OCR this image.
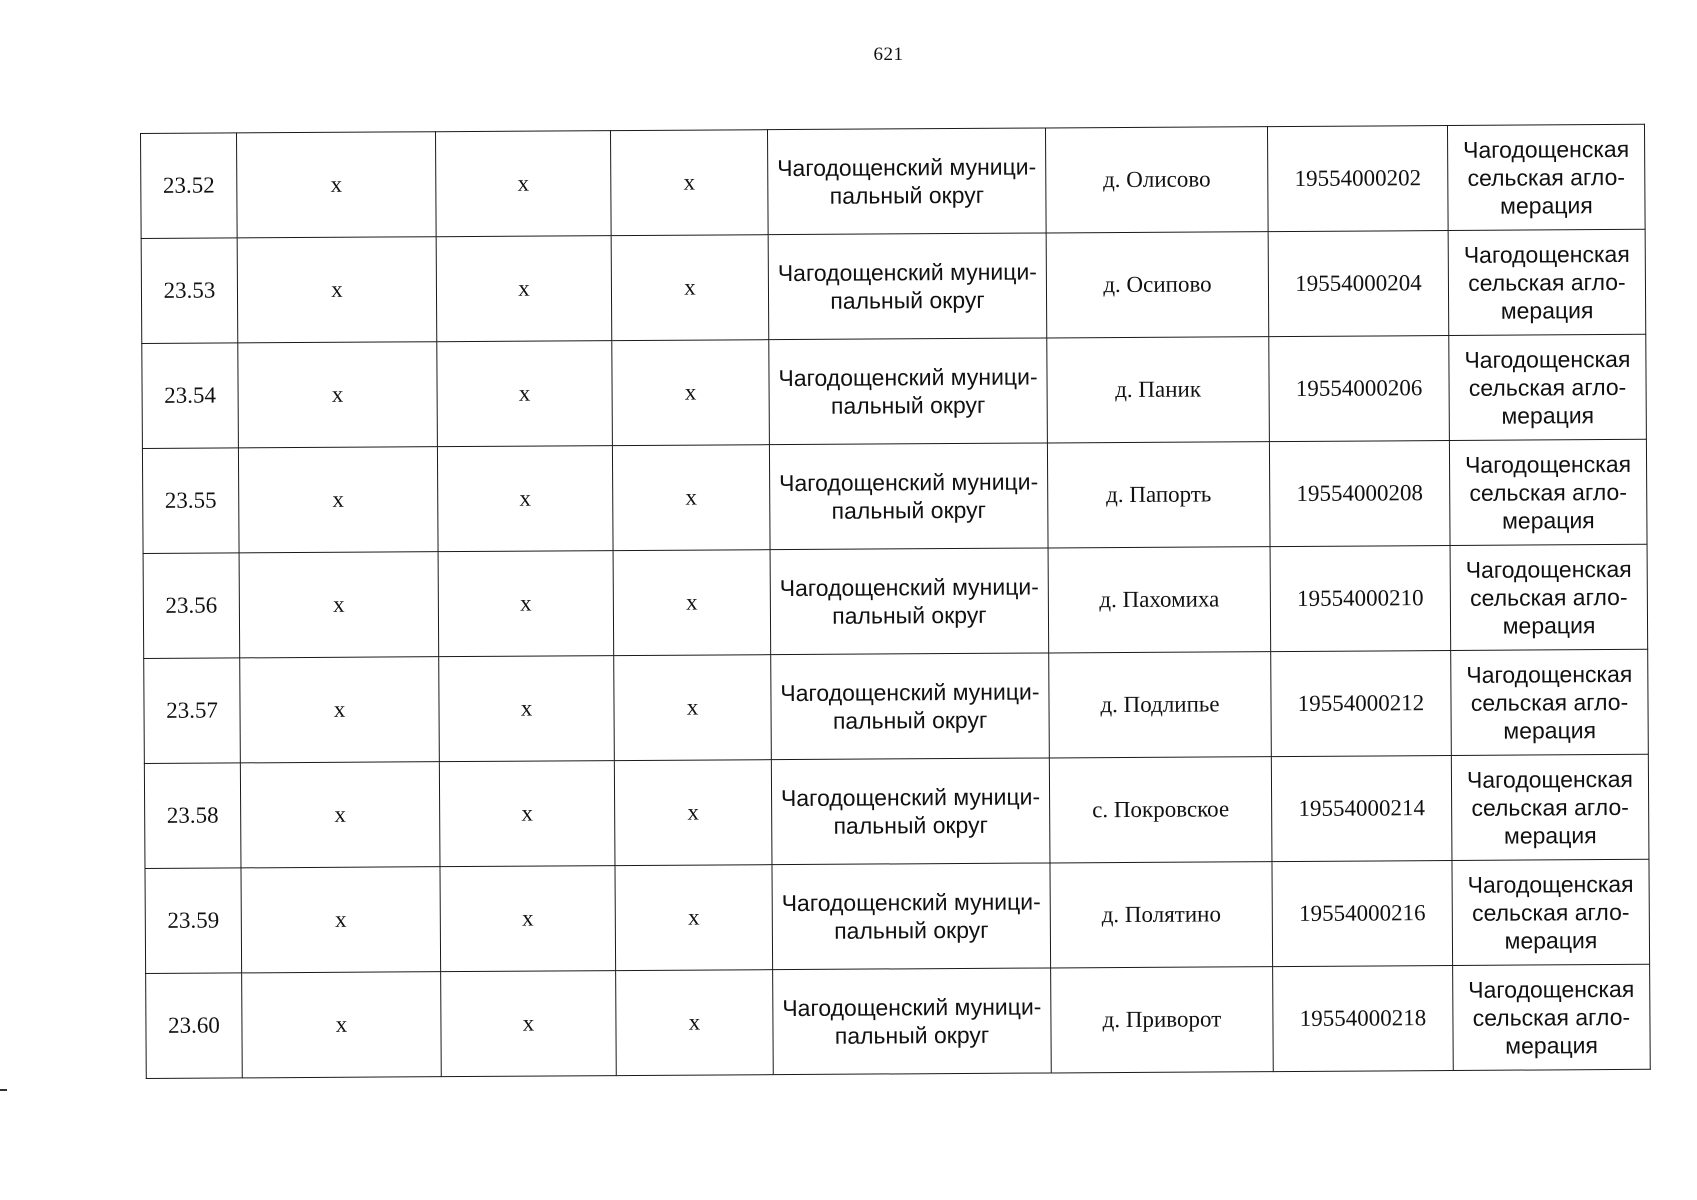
621
23.52	x	x	x	Чагодощенский муници-
пальный округ	д. Олисово	19554000202	Чагодощенская
сельская агло-
мерация

23.53	x	x	x	Чагодощенский муници-
пальный округ	д. Осипово	19554000204	Чагодощенская
сельская агло-
мерация

23.54	x	x	x	Чагодощенский муници-
пальный округ	д. Паник	19554000206	Чагодощенская
сельская агло-
мерация

23.55	x	x	x	Чагодощенский муници-
пальный округ	д. Папорть	19554000208	Чагодощенская
сельская агло-
мерация

23.56	x	x	x	Чагодощенский муници-
пальный округ	д. Пахомиха	19554000210	Чагодощенская
сельская агло-
мерация

23.57	x	x	x	Чагодощенский муници-
пальный округ	д. Подлипье	19554000212	Чагодощенская
сельская агло-
мерация

23.58	x	x	x	Чагодощенский муници-
пальный округ	с. Покровское	19554000214	Чагодощенская
сельская агло-
мерация

23.59	x	x	x	Чагодощенский муници-
пальный округ	д. Полятино	19554000216	Чагодощенская
сельская агло-
мерация

23.60	x	x	x	Чагодощенский муници-
пальный округ	д. Приворот	19554000218	Чагодощенская
сельская агло-
мерация
